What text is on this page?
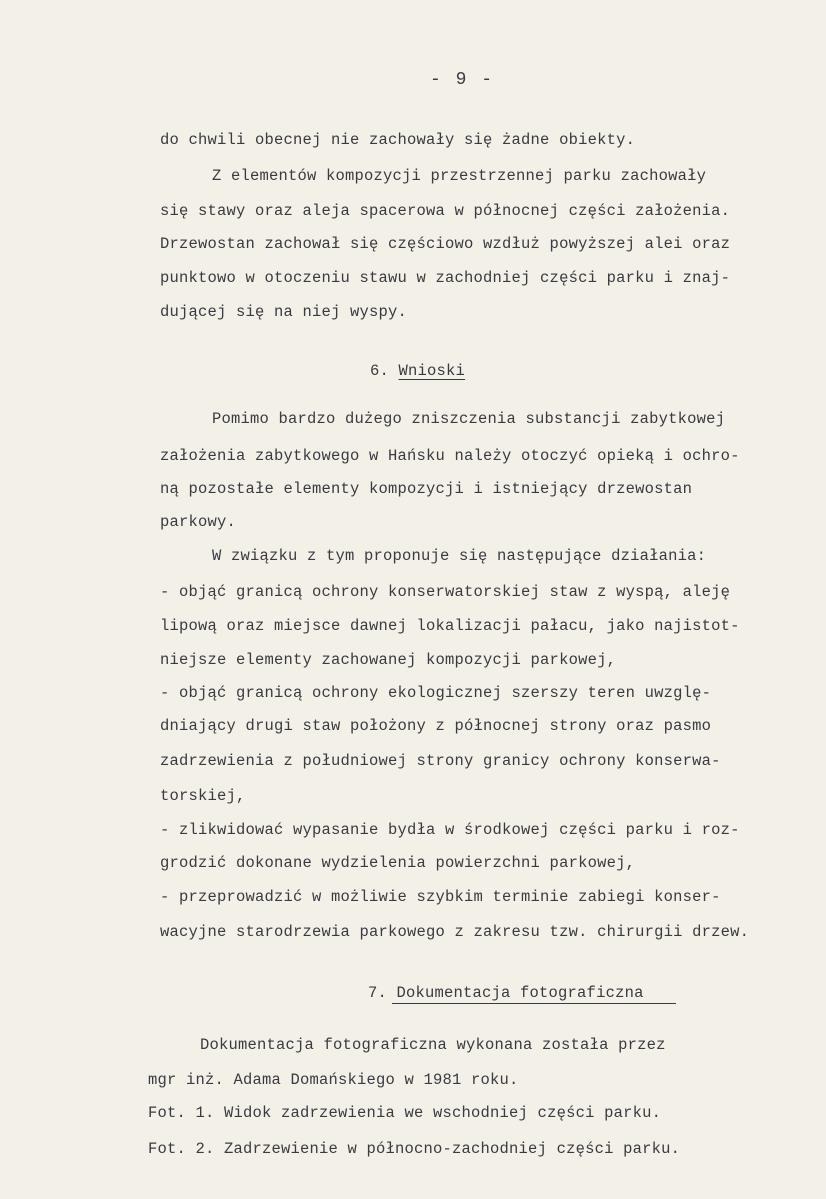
- 9 -
do chwili obecnej nie zachowały się żadne obiekty.
Z elementów kompozycji przestrzennej parku zachowały
się stawy oraz aleja spacerowa w północnej części założenia.
Drzewostan zachował się częściowo wzdłuż powyższej alei oraz
punktowo w otoczeniu stawu w zachodniej części parku i znaj-
dującej się na niej wyspy.
6. Wnioski
Pomimo bardzo dużego zniszczenia substancji zabytkowej
założenia zabytkowego w Hańsku należy otoczyć opieką i ochro-
ną pozostałe elementy kompozycji i istniejący drzewostan
parkowy.
W związku z tym proponuje się następujące działania:
- objąć granicą ochrony konserwatorskiej staw z wyspą, aleję
lipową oraz miejsce dawnej lokalizacji pałacu, jako najistot-
niejsze elementy zachowanej kompozycji parkowej,
- objąć granicą ochrony ekologicznej szerszy teren uwzglę-
dniający drugi staw położony z północnej strony oraz pasmo
zadrzewienia z południowej strony granicy ochrony konserwa-
torskiej,
- zlikwidować wypasanie bydła w środkowej części parku i roz-
grodzić dokonane wydzielenia powierzchni parkowej,
- przeprowadzić w możliwie szybkim terminie zabiegi konser-
wacyjne starodrzewia parkowego z zakresu tzw. chirurgii drzew.
7. Dokumentacja fotograficzna
Dokumentacja fotograficzna wykonana została przez
mgr inż. Adama Domańskiego w 1981 roku.
Fot. 1. Widok zadrzewienia we wschodniej części parku.
Fot. 2. Zadrzewienie w północno-zachodniej części parku.
